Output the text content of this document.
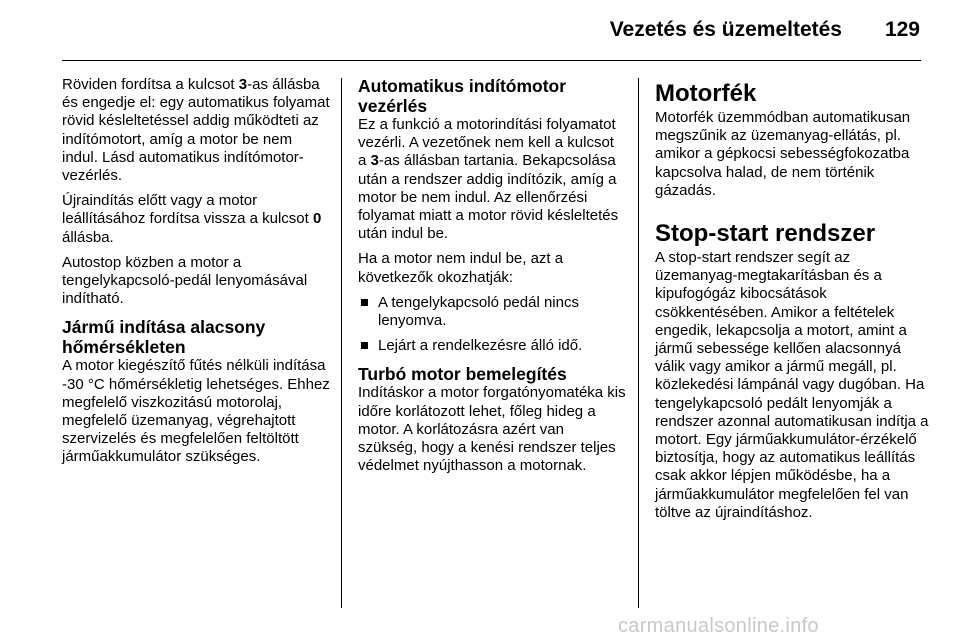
Vezetés és üzemeltetés 129

Röviden fordítsa a kulcsot 3-as állásba és engedje el: egy automatikus folyamat rövid késleltetéssel addig működteti az indítómotort, amíg a motor be nem indul. Lásd automatikus indítómotor-vezérlés.

Újraindítás előtt vagy a motor leállításához fordítsa vissza a kulcsot 0 állásba.

Autostop közben a motor a tengelykapcsoló-pedál lenyomásával indítható.

Jármű indítása alacsony hőmérsékleten

A motor kiegészítő fűtés nélküli indítása -30 °C hőmérsékletig lehetséges. Ehhez megfelelő viszkozitású motorolaj, megfelelő üzemanyag, végrehajtott szervizelés és megfelelően feltöltött járműakkumulátor szükséges.

Automatikus indítómotor vezérlés

Ez a funkció a motorindítási folyamatot vezérli. A vezetőnek nem kell a kulcsot a 3-as állásban tartania. Bekapcsolása után a rendszer addig indítózik, amíg a motor be nem indul. Az ellenőrzési folyamat miatt a motor rövid késleltetés után indul be.

Ha a motor nem indul be, azt a következők okozhatják:

A tengelykapcsoló pedál nincs lenyomva.
Lejárt a rendelkezésre álló idő.
Turbó motor bemelegítés

Indításkor a motor forgatónyomatéka kis időre korlátozott lehet, főleg hideg a motor. A korlátozásra azért van szükség, hogy a kenési rendszer teljes védelmet nyújthasson a motornak.

Motorfék

Motorfék üzemmódban automatikusan megszűnik az üzemanyag-ellátás, pl. amikor a gépkocsi sebességfokozatba kapcsolva halad, de nem történik gázadás.

Stop-start rendszer

A stop-start rendszer segít az üzemanyag-megtakarításban és a kipufogógáz kibocsátások csökkentésében. Amikor a feltételek engedik, lekapcsolja a motort, amint a jármű sebessége kellően alacsonnyá válik vagy amikor a jármű megáll, pl. közlekedési lámpánál vagy dugóban. Ha tengelykapcsoló pedált lenyomják a rendszer azonnal automatikusan indítja a motort. Egy járműakkumulátor-érzékelő biztosítja, hogy az automatikus leállítás csak akkor lépjen működésbe, ha a járműakkumulátor megfelelően fel van töltve az újraindításhoz.

carmanualsonline.info
